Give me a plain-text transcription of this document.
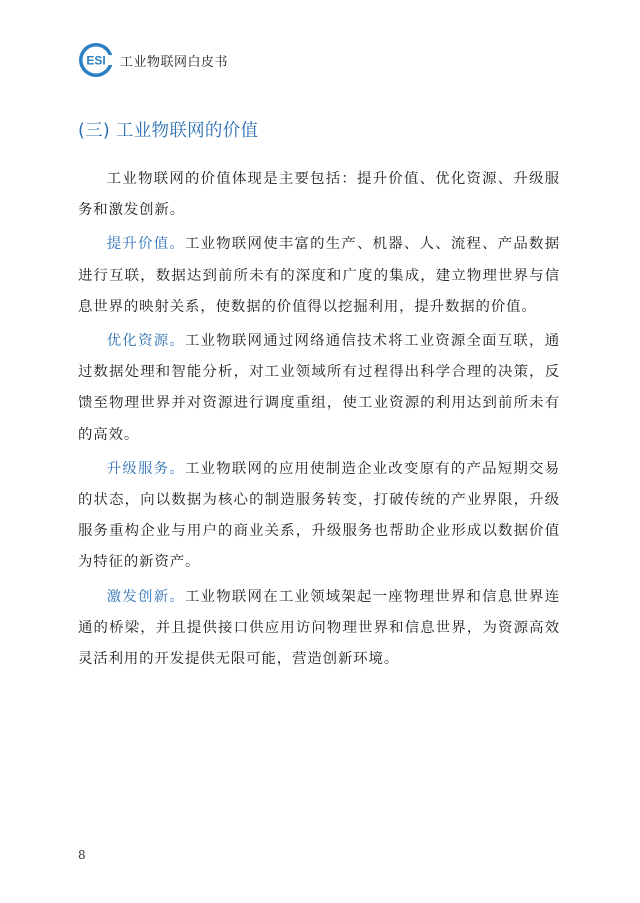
ESI 工业物联网白皮书
(三) 工业物联网的价值

工业物联网的价值体现是主要包括：提升价值、优化资源、升级服务和激发创新。

提升价值。工业物联网使丰富的生产、机器、人、流程、产品数据进行互联，数据达到前所未有的深度和广度的集成，建立物理世界与信息世界的映射关系，使数据的价值得以挖掘利用，提升数据的价值。

优化资源。工业物联网通过网络通信技术将工业资源全面互联，通过数据处理和智能分析，对工业领域所有过程得出科学合理的决策，反馈至物理世界并对资源进行调度重组，使工业资源的利用达到前所未有的高效。

升级服务。工业物联网的应用使制造企业改变原有的产品短期交易的状态，向以数据为核心的制造服务转变，打破传统的产业界限，升级服务重构企业与用户的商业关系，升级服务也帮助企业形成以数据价值为特征的新资产。

激发创新。工业物联网在工业领域架起一座物理世界和信息世界连通的桥梁，并且提供接口供应用访问物理世界和信息世界，为资源高效灵活利用的开发提供无限可能，营造创新环境。

8
